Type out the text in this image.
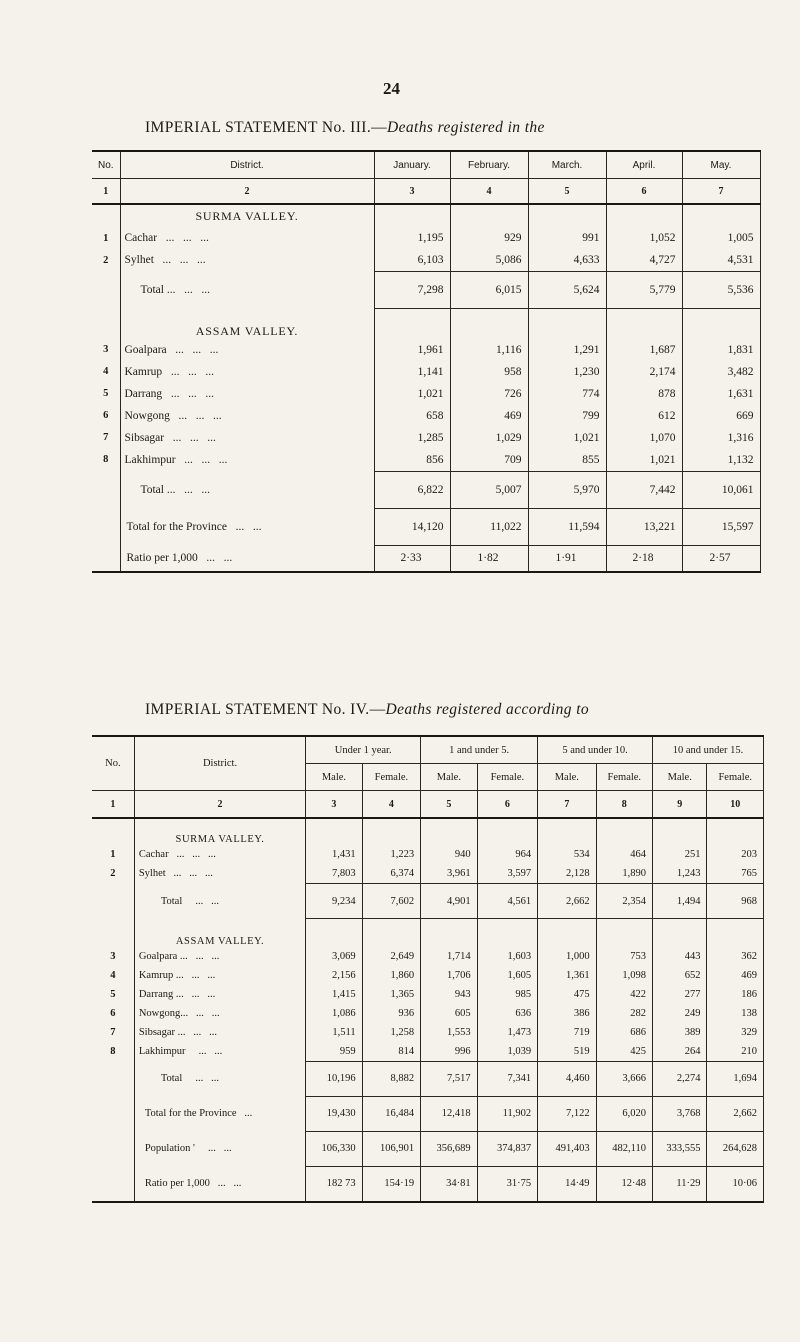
24
IMPERIAL STATEMENT No. III.—Deaths registered in the
No.	District.	January.	February.	March.	April.	May.
1	2	3	4	5	6	7
	SURMA VALLEY.					
1	Cachar   ...   ...   ...	1,195	929	991	1,052	1,005
2	Sylhet   ...   ...   ...	6,103	5,086	4,633	4,727	4,531
	Total ...   ...   ...	7,298	6,015	5,624	5,779	5,536
	ASSAM VALLEY.					
3	Goalpara   ...   ...   ...	1,961	1,116	1,291	1,687	1,831
4	Kamrup   ...   ...   ...	1,141	958	1,230	2,174	3,482
5	Darrang   ...   ...   ...	1,021	726	774	878	1,631
6	Nowgong   ...   ...   ...	658	469	799	612	669
7	Sibsagar   ...   ...   ...	1,285	1,029	1,021	1,070	1,316
8	Lakhimpur   ...   ...   ...	856	709	855	1,021	1,132
	Total ...   ...   ...	6,822	5,007	5,970	7,442	10,061
	Total for the Province   ...   ...	14,120	11,022	11,594	13,221	15,597
	Ratio per 1,000   ...   ...	2·33	1·82	1·91	2·18	2·57
IMPERIAL STATEMENT No. IV.—Deaths registered according to
No.	District.	Under 1 year.		1 and under 5.		5 and under 10.		10 and under 15.	
		Male.	Female.	Male.	Female.	Male.	Female.	Male.	Female.
1	2	3	4	5	6	7	8	9	10
	SURMA VALLEY.								
1	Cachar   ...   ...   ...	1,431	1,223	940	964	534	464	251	203
2	Sylhet   ...   ...   ...	7,803	6,374	3,961	3,597	2,128	1,890	1,243	765
	Total     ...   ...	9,234	7,602	4,901	4,561	2,662	2,354	1,494	968
	ASSAM VALLEY.								
3	Goalpara ...   ...   ...	3,069	2,649	1,714	1,603	1,000	753	443	362
4	Kamrup ...   ...   ...	2,156	1,860	1,706	1,605	1,361	1,098	652	469
5	Darrang ...   ...   ...	1,415	1,365	943	985	475	422	277	186
6	Nowgong...   ...   ...	1,086	936	605	636	386	282	249	138
7	Sibsagar ...   ...   ...	1,511	1,258	1,553	1,473	719	686	389	329
8	Lakhimpur     ...   ...	959	814	996	1,039	519	425	264	210
	Total     ...   ...	10,196	8,882	7,517	7,341	4,460	3,666	2,274	1,694
	Total for the Province   ...	19,430	16,484	12,418	11,902	7,122	6,020	3,768	2,662
	Population '     ...   ...	106,330	106,901	356,689	374,837	491,403	482,110	333,555	264,628
	Ratio per 1,000   ...   ...	182 73	154·19	34·81	31·75	14·49	12·48	11·29	10·06
